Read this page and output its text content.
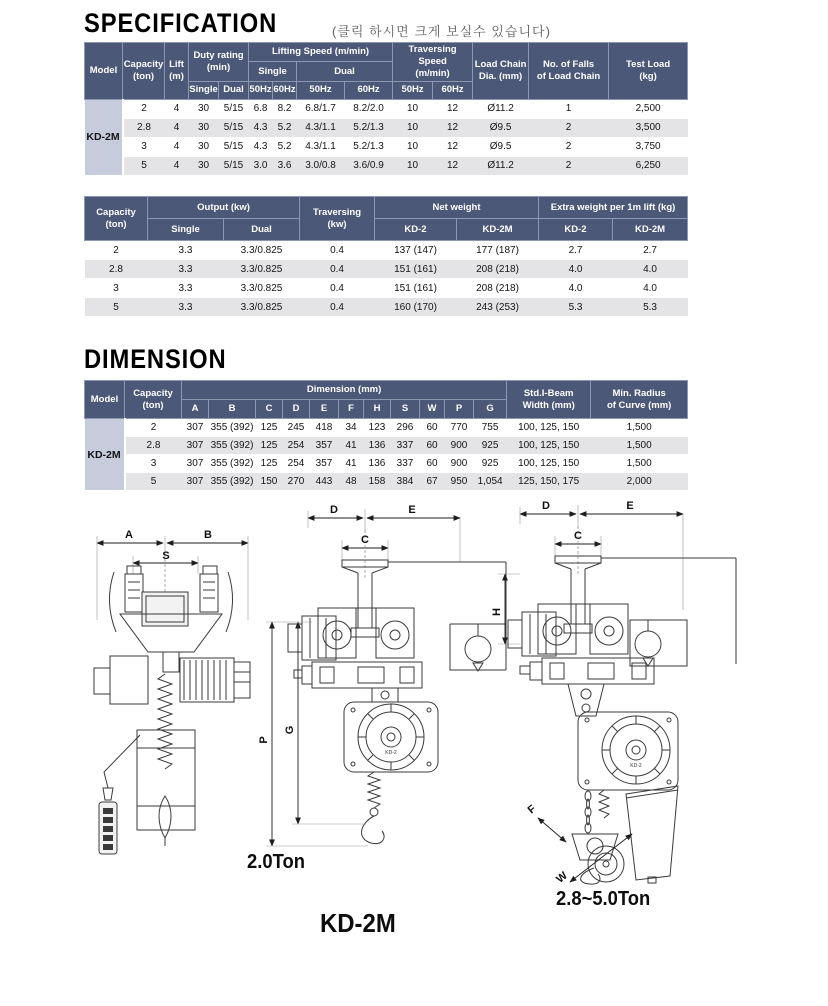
SPECIFICATION	(클릭 하시면 크게 보실수 있습니다)
Model

Capacity
(ton)

Lift
(m)

Duty rating
(min)

Lifting Speed (m/min)	Traversing Speed
(m/min)

Load Chain
Dia. (mm)

No. of Falls
of Load Chain

Test Load
(kg)

					Single		Dual						

			Single	Dual	50Hz	60Hz	50Hz	60Hz	50Hz	60Hz			

KD-2M	2	4	30	5/15	6.8	8.2	6.8/1.7	8.2/2.0	10	12	Ø11.2	1	2,500
	2.8	4	30	5/15	4.3	5.2	4.3/1.1	5.2/1.3	10	12	Ø9.5	2	3,500
	3	4	30	5/15	4.3	5.2	4.3/1.1	5.2/1.3	10	12	Ø9.5	2	3,750
	5	4	30	5/15	3.0	3.6	3.0/0.8	3.6/0.9	10	12	Ø11.2	2	6,250
Capacity
(ton)

Output (kw)	Traversing
(kw)

Net weight	Extra weight per 1m lift (kg)

	Single	Dual		KD-2	KD-2M	KD-2	KD-2M

2	3.3	3.3/0.825	0.4	137 (147)	177 (187)	2.7	2.7
2.8	3.3	3.3/0.825	0.4	151 (161)	208 (218)	4.0	4.0
3	3.3	3.3/0.825	0.4	151 (161)	208 (218)	4.0	4.0
5	3.3	3.3/0.825	0.4	160 (170)	243 (253)	5.3	5.3
DIMENSION
Model

Capacity
(ton)

Dimension (mm)	Std.I-Beam
Width (mm)

Min. Radius
of Curve (mm)

		A	B	C	D	E	F	H	S	W	P	G		
KD-2M	2	307	355 (392)	125	245	418	34	123	296	60	770	755	100, 125, 150	1,500
	2.8	307	355 (392)	125	254	357	41	136	337	60	900	925	100, 125, 150	1,500
	3	307	355 (392)	125	254	357	41	136	337	60	900	925	100, 125, 150	1,500
	5	307	355 (392)	150	270	443	48	158	384	67	950	1,054	125, 150, 175	2,000
A	B
S
D	E
C
KD-2
P
G
D	E
C
H
KD-2
W
F
2.0Ton
2.8~5.0Ton
KD-2M
